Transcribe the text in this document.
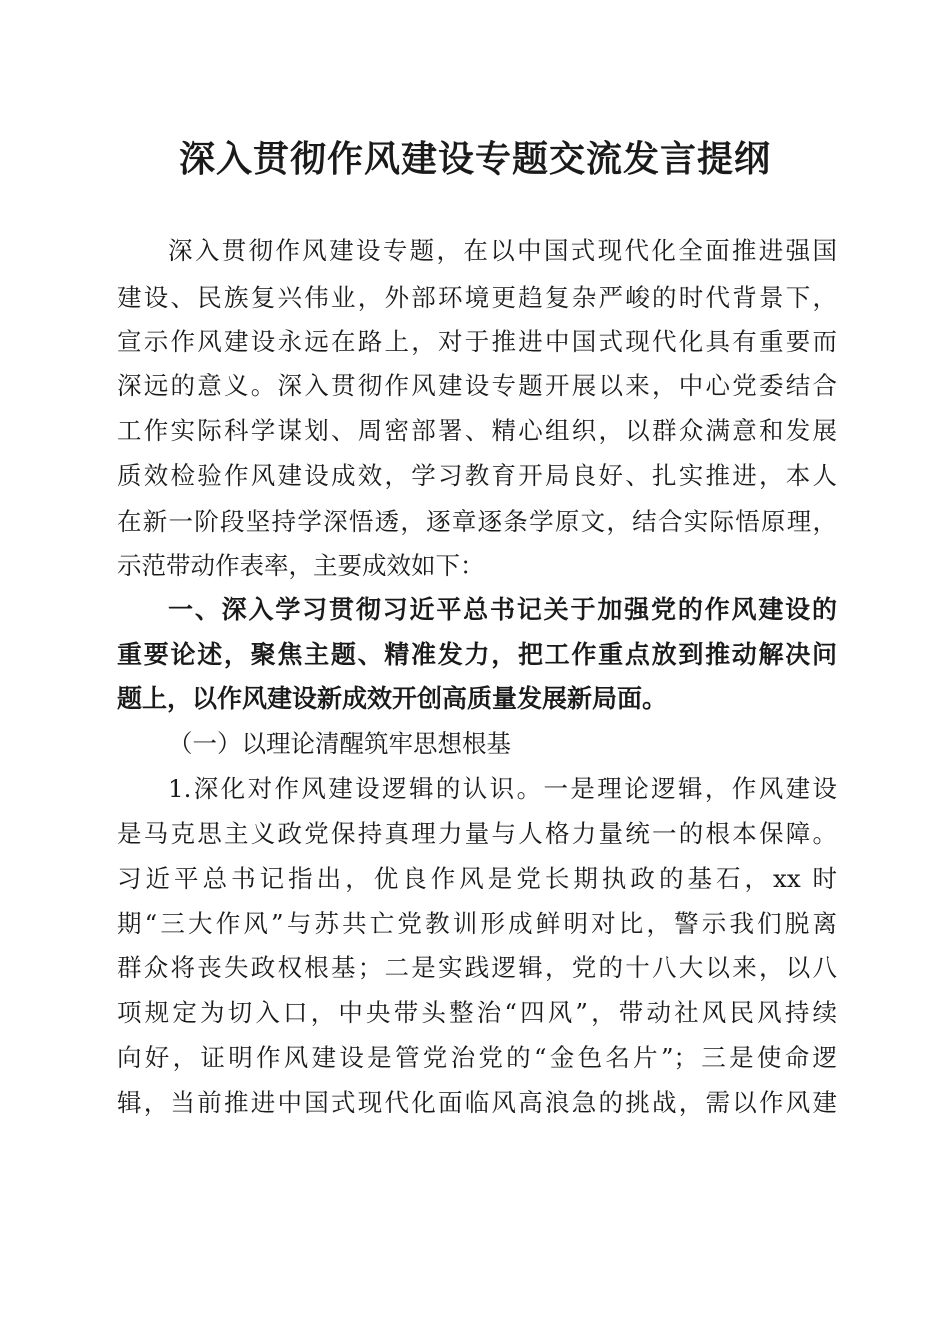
深入贯彻作风建设专题交流发言提纲

深入贯彻作风建设专题，在以中国式现代化全面推进强国

建设、民族复兴伟业，外部环境更趋复杂严峻的时代背景下，

宣示作风建设永远在路上，对于推进中国式现代化具有重要而

深远的意义。深入贯彻作风建设专题开展以来，中心党委结合

工作实际科学谋划、周密部署、精心组织，以群众满意和发展

质效检验作风建设成效，学习教育开局良好、扎实推进，本人

在新一阶段坚持学深悟透，逐章逐条学原文，结合实际悟原理，

示范带动作表率，主要成效如下：

一、深入学习贯彻习近平总书记关于加强党的作风建设的

重要论述，聚焦主题、精准发力，把工作重点放到推动解决问

题上，以作风建设新成效开创高质量发展新局面。

（一）以理论清醒筑牢思想根基

1.深化对作风建设逻辑的认识。一是理论逻辑，作风建设

是马克思主义政党保持真理力量与人格力量统一的根本保障。

习近平总书记指出，优良作风是党长期执政的基石，xx 时

期“三大作风”与苏共亡党教训形成鲜明对比，警示我们脱离

群众将丧失政权根基；二是实践逻辑，党的十八大以来，以八

项规定为切入口，中央带头整治“四风”，带动社风民风持续

向好，证明作风建设是管党治党的“金色名片”；三是使命逻

辑，当前推进中国式现代化面临风高浪急的挑战，需以作风建
